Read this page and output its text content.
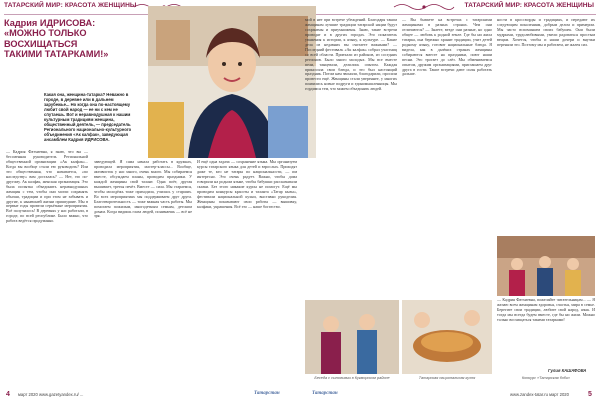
ТАТАРСКИЙ МИР: КРАСОТА ЖЕНЩИНЫ	ТАТАРСКИЙ МИР: КРАСОТА ЖЕНЩИНЫ
Кадрия ИДРИСОВА:
«МОЖНО ТОЛЬКО
ВОСХИЩАТЬСЯ
ТАКИМИ ТАТАРКАМИ!»
Какая она, женщина-татарка? Неважно в городе, в деревне или в дальнем зарубежье... Но когда она по-настоящему любит свой народ — ее ни с кем не спутаешь. Вот и неравнодушная к нашим культурным традициям женщина, общественный деятель, — председатель Регионального национально-культурного объединения «Ак калфак», заведующая ансамблем Кадрия ИДРИСОВА.
— Кадрия Фатхиевна, я знаю, что вы — бессменная руководитель Региональной общественной организации «Ак калфак»... Когда вы вообще стали ею руководить? Или это общественная, что называется, «по наследству» вам досталась? — Нет, это по-другому. Ак калфак, женская организация. Это была попытка объединить неравнодушных женщин с тем, чтобы они могли сохранять обычаи, традиции и при этом не забывать и другие, к нынешней жизни пришедшие. Мы в первые годы провели серьёзные мероприятия. Всё получилось! В деревнях у нас работали, в городе, по всей республике. Было важно, что работа ведётся продуманно.
заведующей. Я сама начала работать в кружках, проводила мероприятия, мастер-классы... Вообще, активисток у нас много, очень много. Мы собираемся вместе, обсуждаем планы, проводим праздники. У каждой женщины свой талант. Одна поёт, другая вышивает, третья печёт. Вместе — сила. Мы стараемся, чтобы молодёжь тоже приходила, училась у старших. Во всех мероприятиях мы поддерживаем друг друга. Благотворительность — тоже важная часть работы. Мы помогаем пожилым, многодетным семьям, детским домам. Когда видишь глаза людей, понимаешь — всё не зря.
И ещё одна задача — сохранение языка. Мы организуем курсы татарского языка для детей и взрослых. Приходят даже те, кто не татары по национальности, — им интересно. Это очень радует. Важно, чтобы дома говорили на родном языке, чтобы бабушки рассказывали сказки. Без этого никакие курсы не помогут. Ещё мы проводим конкурсы красоты и таланта «Татар кызы», фестивали национальной кухни, выставки рукоделия. Женщины показывают свои работы — вышивку, калфаки, украшения. Всё это — наше богатство.
мой в нее при встрече убеждений. Благодаря таким женщинам лучшие традиции татарской нации будут сохранены и приумножены. Знаю, такие встречи проводят и в других городах. Это показатель уважения к истории, к языку, к культуре. — Какие дела из недавних вы считаете важными? — Последний фестиваль «Ак калфак» собрал участниц со всей области. Приехали из районов, из соседних регионов. Было много молодых. Мы все вместе пели, танцевали, делились опытом. Каждая приносила свои блюда, и это был настоящий праздник. Потом нам звонили, благодарили, просили провести ещё. Женщины стали увереннее, у многих появились новые подруги и единомышленницы. Мы гордимся тем, что можем объединять людей.
— Вы бываете на встречах с татарскими женщинами в разных странах. Чем они отличаются? — Знаете, везде они разные, но одно общее — любовь к родной земле. Где бы ни жила татарка, она бережно хранит традиции, учит детей родному языку, готовит национальные блюда. Я видела, как в далёких странах женщины собираются вместе на праздники, поют наши песни. Это трогает до слёз. Мы обмениваемся опытом, дружим организациями, приглашаем друг друга в гости. Такие встречи дают силы работать дальше.
ности в кроссворды и традициях, и передают их следующим поколениям, добрым делом и примером. Мы часто вспоминаем своих бабушек. Они были мудрыми, трудолюбивыми, умели радоваться простым вещам. Хочется, чтобы и наши дочери и внучки переняли это. Поэтому мы и работаем, не жалея сил.
— Кадрия Фатхиевна, пожелайте читательницам... — Я желаю всем женщинам здоровья, счастья, мира в семье. Берегите свои традиции, любите свой народ, язык. И тогда мы всегда будем вместе, где бы ни жили. Можно только восхищаться такими татарками!
Гулия КАШАФОВА
Беседа с сыновьями в Кукморском районе	Татарская национальная кухня	Конкурс «Татарская бэби»
4 март 2020 www.gazetyandex.ru/ ...	Татарстан	Татарстан	www.zandex-tatar.ru март 2020	5
